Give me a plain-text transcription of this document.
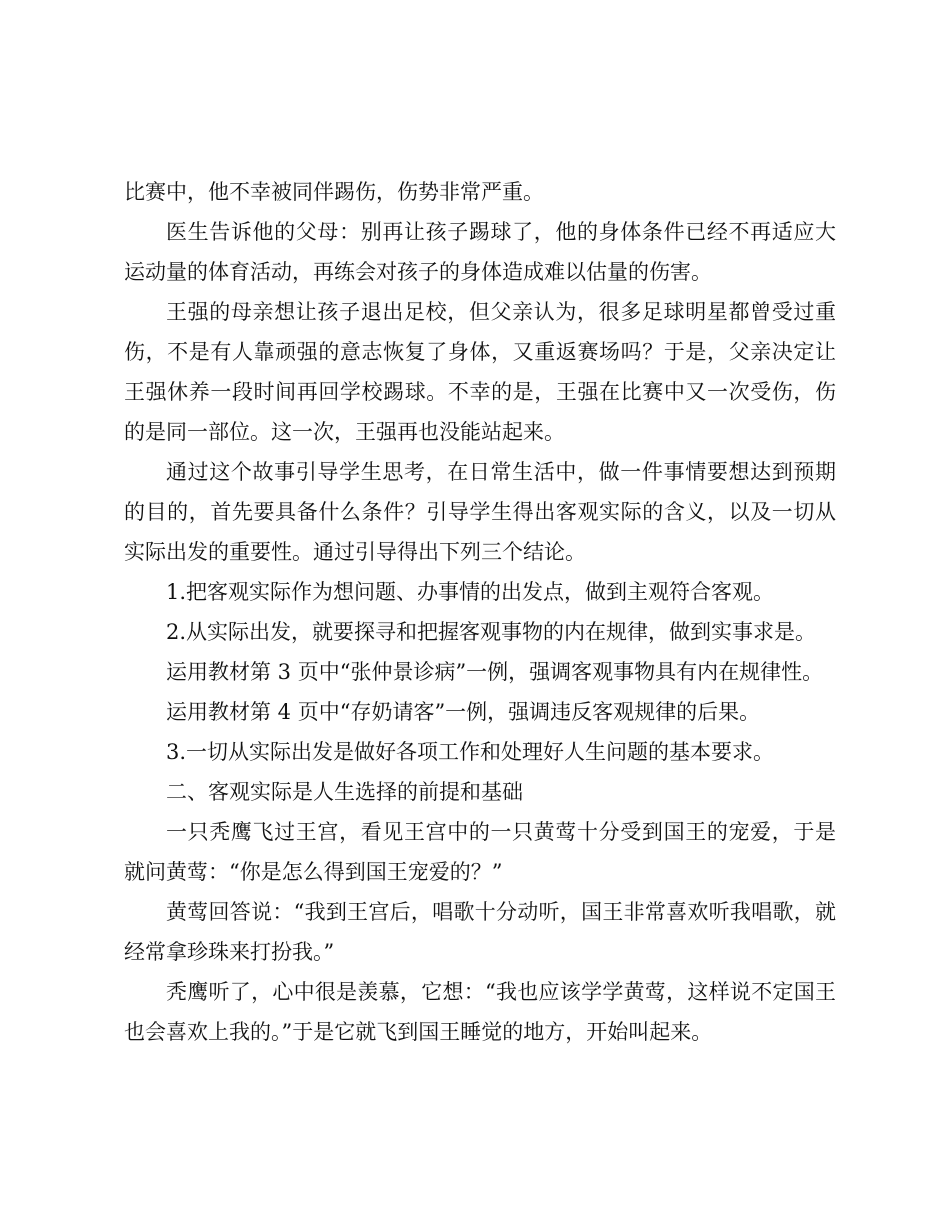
比赛中，他不幸被同伴踢伤，伤势非常严重。

医生告诉他的父母：别再让孩子踢球了，他的身体条件已经不再适应大运动量的体育活动，再练会对孩子的身体造成难以估量的伤害。

王强的母亲想让孩子退出足校，但父亲认为，很多足球明星都曾受过重伤，不是有人靠顽强的意志恢复了身体，又重返赛场吗？于是，父亲决定让王强休养一段时间再回学校踢球。不幸的是，王强在比赛中又一次受伤，伤的是同一部位。这一次，王强再也没能站起来。

通过这个故事引导学生思考，在日常生活中，做一件事情要想达到预期的目的，首先要具备什么条件？引导学生得出客观实际的含义，以及一切从实际出发的重要性。通过引导得出下列三个结论。

1.把客观实际作为想问题、办事情的出发点，做到主观符合客观。

2.从实际出发，就要探寻和把握客观事物的内在规律，做到实事求是。

运用教材第 3 页中“张仲景诊病”一例，强调客观事物具有内在规律性。

运用教材第 4 页中“存奶请客”一例，强调违反客观规律的后果。

3.一切从实际出发是做好各项工作和处理好人生问题的基本要求。

二、客观实际是人生选择的前提和基础

一只秃鹰飞过王宫，看见王宫中的一只黄莺十分受到国王的宠爱，于是就问黄莺：“你是怎么得到国王宠爱的？”

黄莺回答说：“我到王宫后，唱歌十分动听，国王非常喜欢听我唱歌，就经常拿珍珠来打扮我。”

秃鹰听了，心中很是羡慕，它想：“我也应该学学黄莺，这样说不定国王也会喜欢上我的。”于是它就飞到国王睡觉的地方，开始叫起来。
